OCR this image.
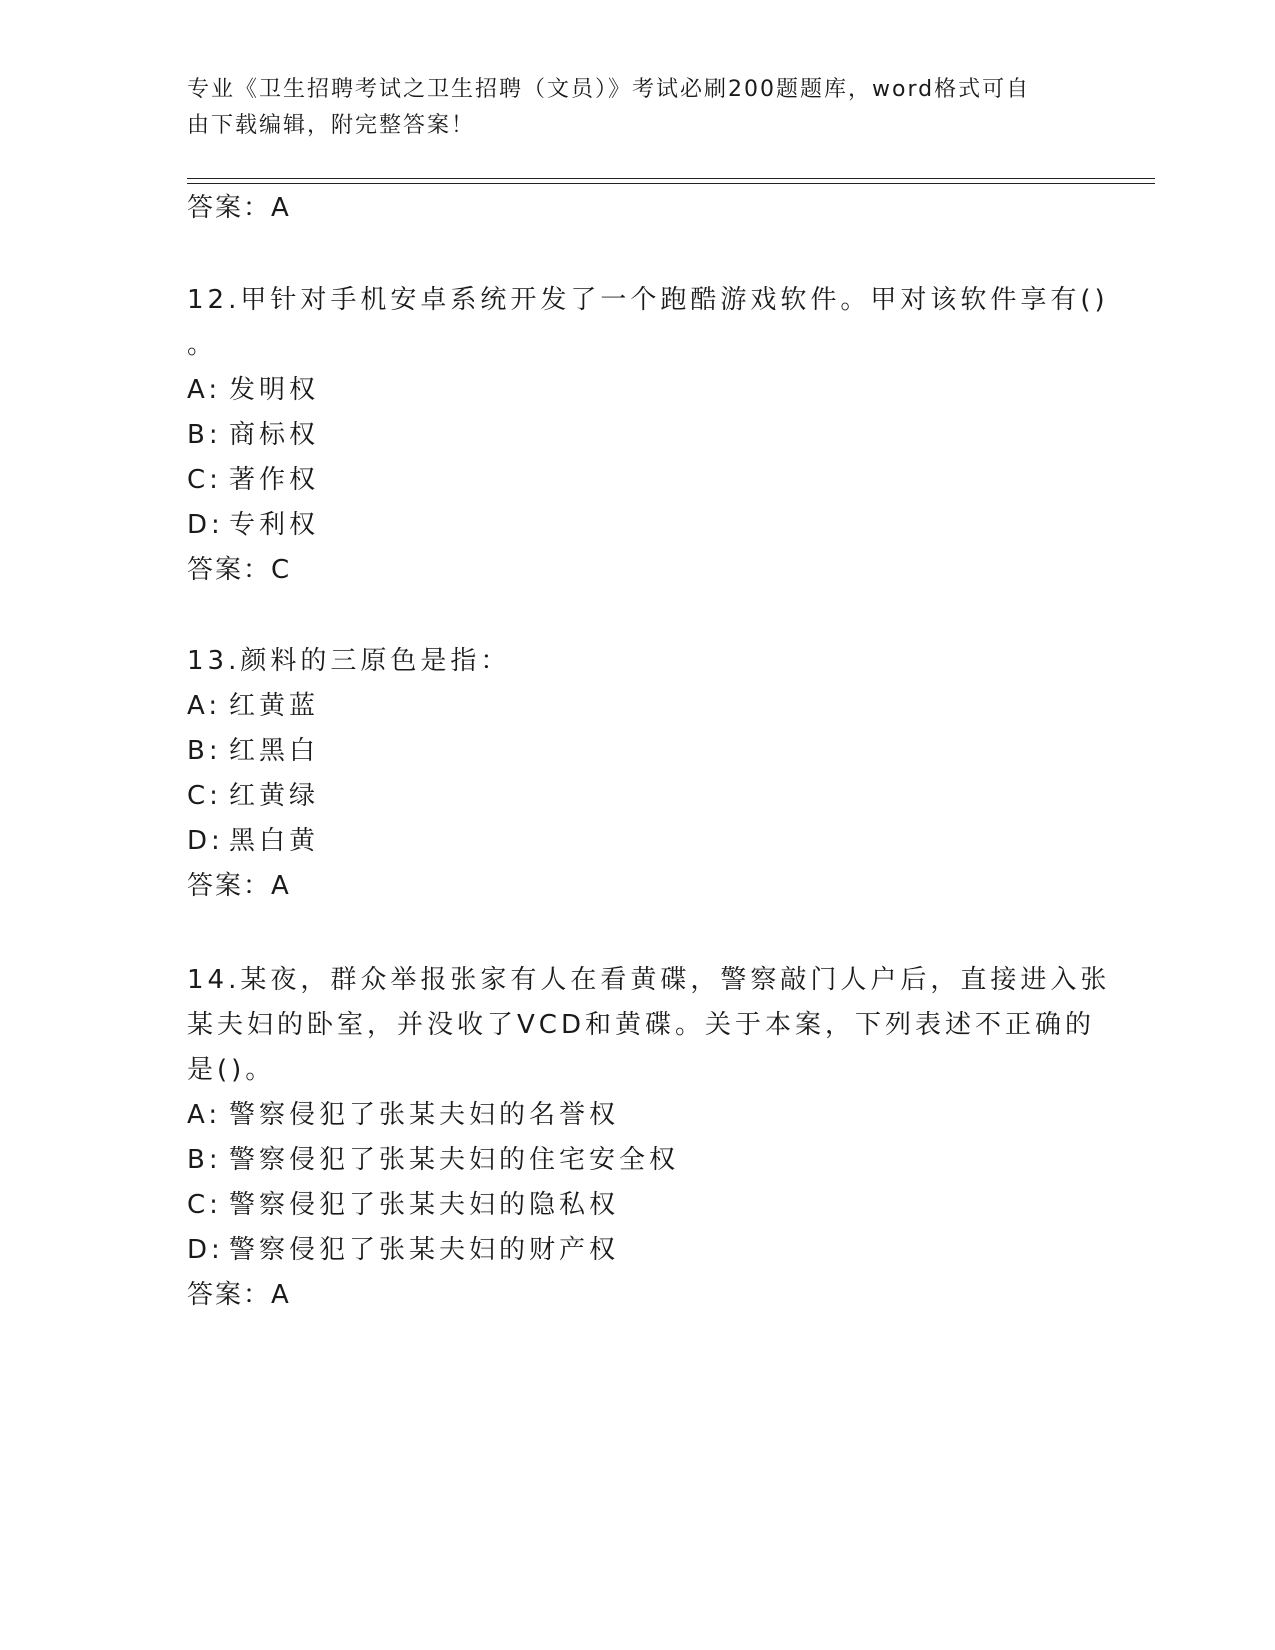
专业《卫生招聘考试之卫生招聘（文员）》考试必刷200题题库，word格式可自
由下载编辑，附完整答案！

答案：A

12.甲针对手机安卓系统开发了一个跑酷游戏软件。甲对该软件享有()

。

A: 发明权

B: 商标权

C: 著作权

D: 专利权

答案：C

13.颜料的三原色是指：

A: 红黄蓝

B: 红黑白

C: 红黄绿

D: 黑白黄

答案：A

14.某夜，群众举报张家有人在看黄碟，警察敲门人户后，直接进入张

某夫妇的卧室，并没收了VCD和黄碟。关于本案，下列表述不正确的

是()。

A: 警察侵犯了张某夫妇的名誉权

B: 警察侵犯了张某夫妇的住宅安全权

C: 警察侵犯了张某夫妇的隐私权

D: 警察侵犯了张某夫妇的财产权

答案：A
